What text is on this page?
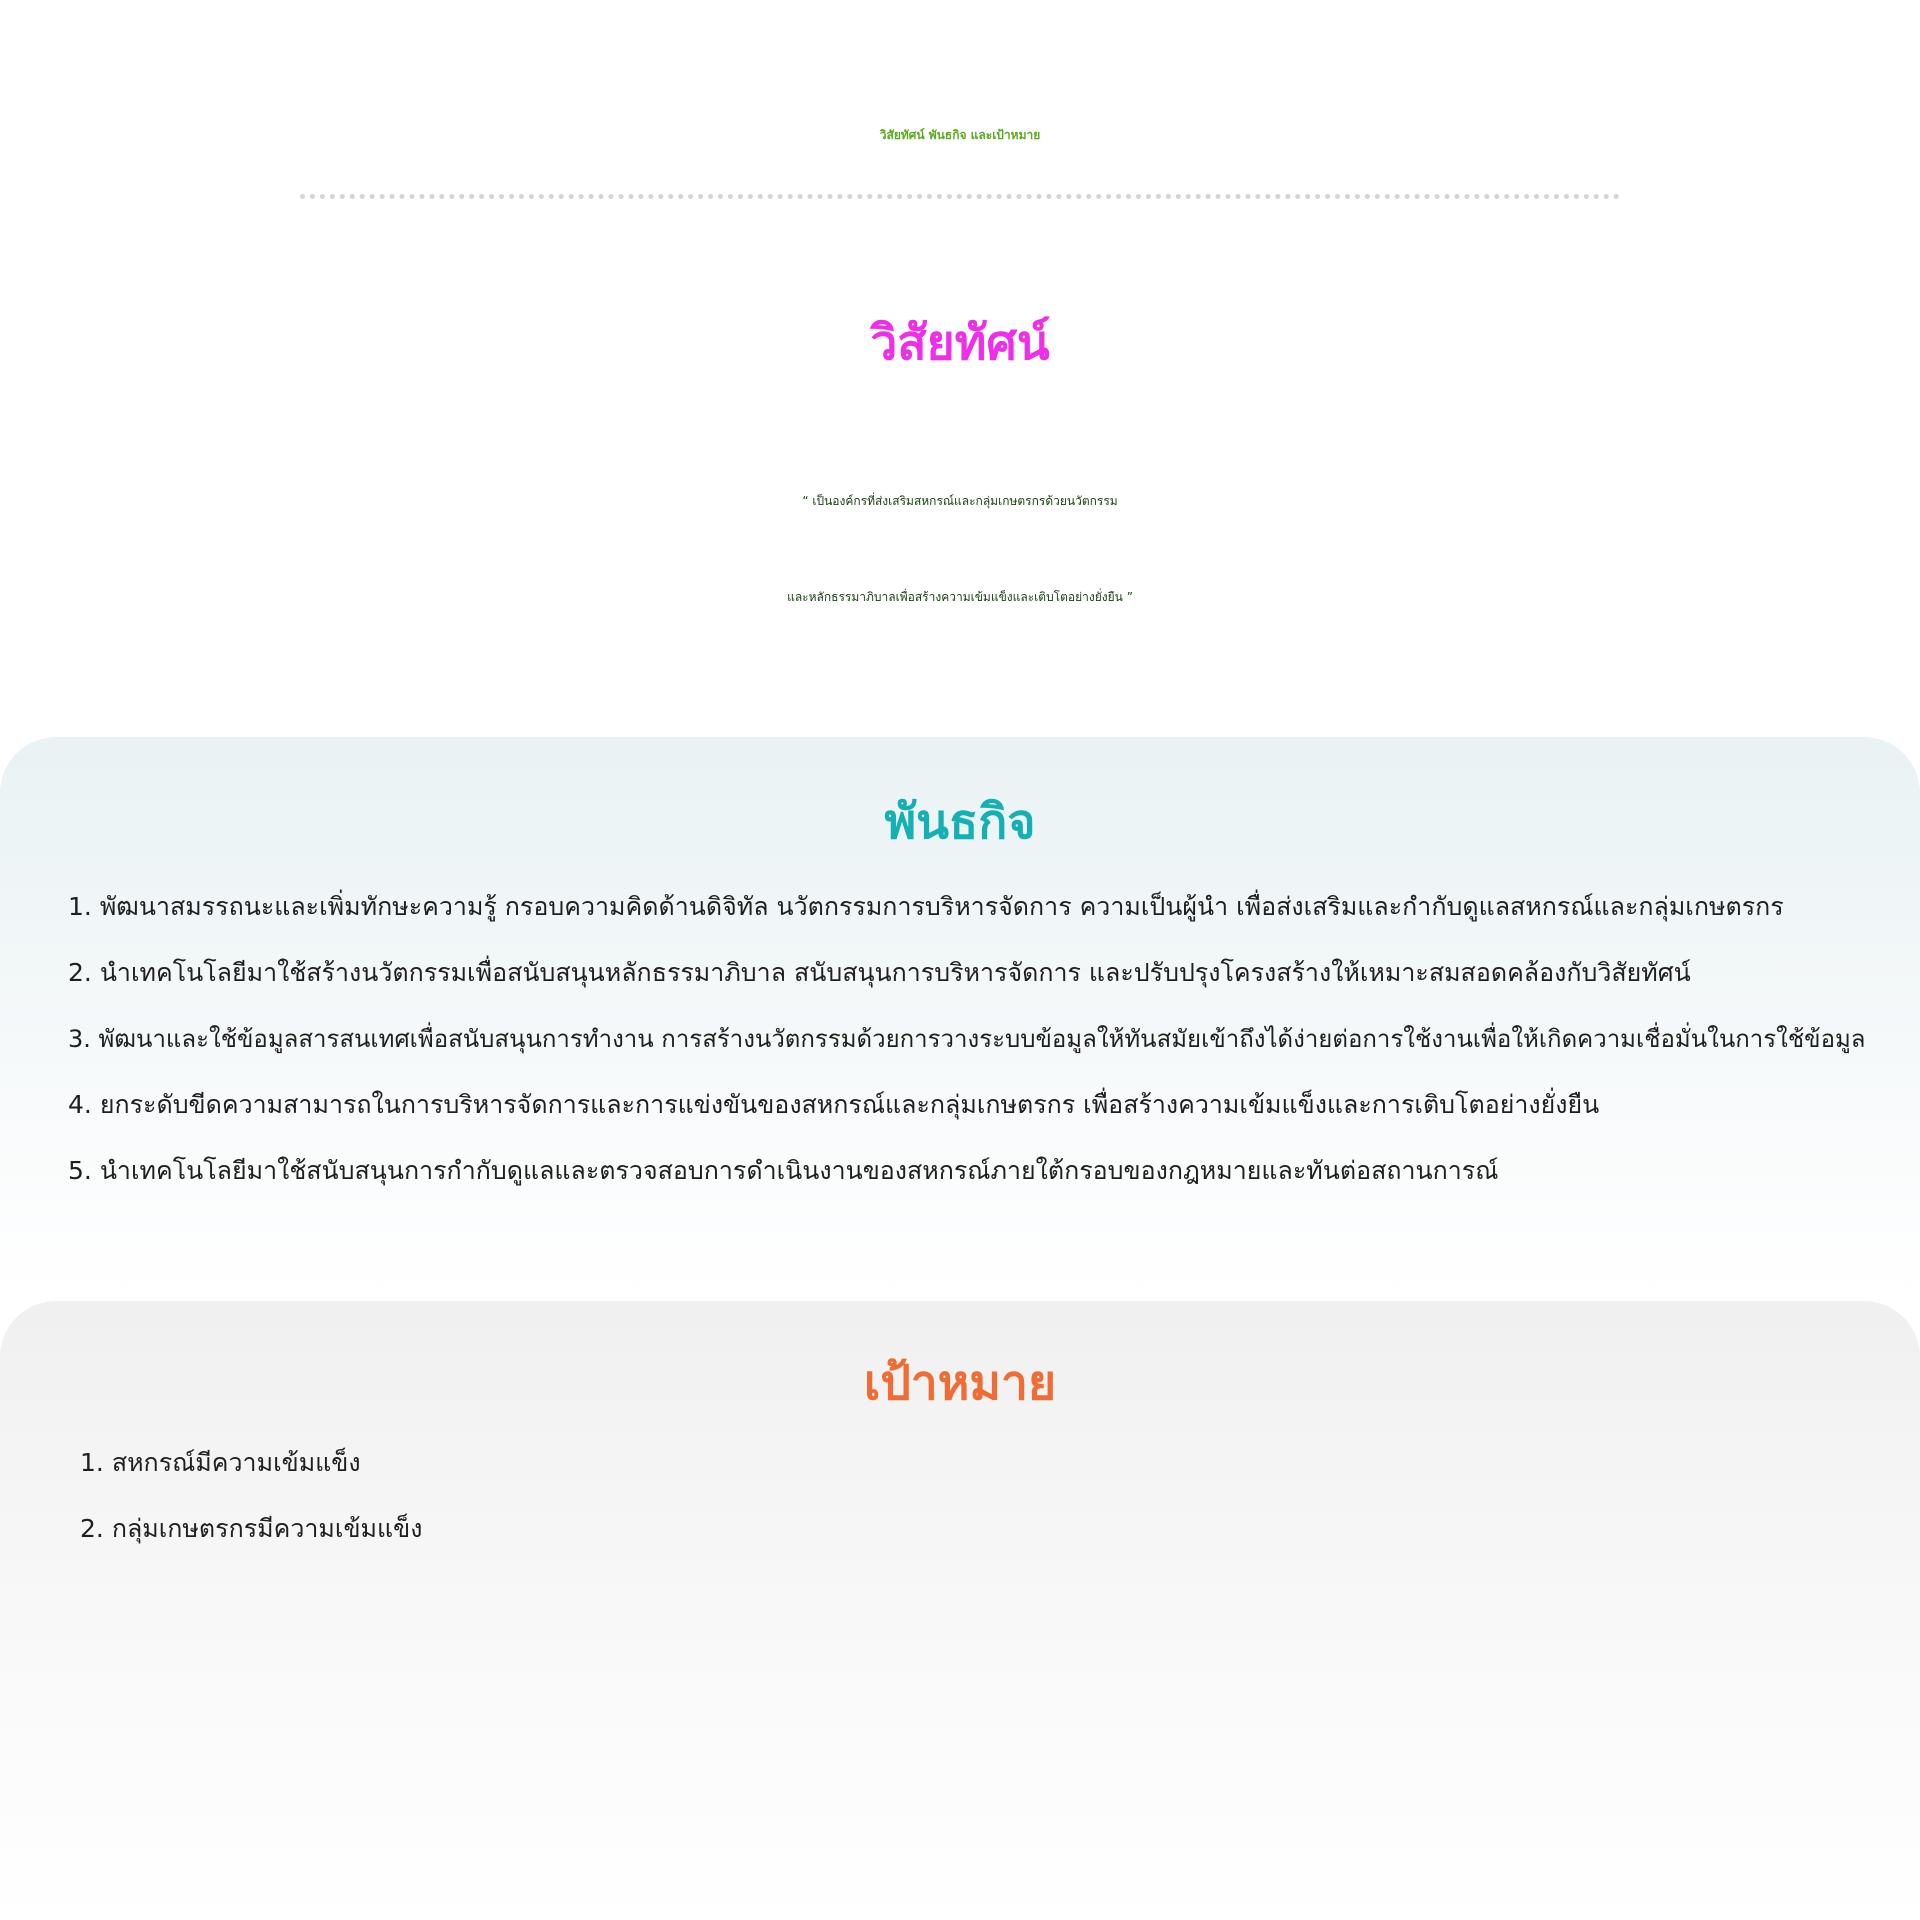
วิสัยทัศน์ พันธกิจ และเป้าหมาย
วิสัยทัศน์

“ เป็นองค์กรที่ส่งเสริมสหกรณ์และกลุ่มเกษตรกรด้วยนวัตกรรม

และหลักธรรมาภิบาลเพื่อสร้างความเข้มแข็งและเติบโตอย่างยั่งยืน ”

พันธกิจ
1. พัฒนาสมรรถนะและเพิ่มทักษะความรู้ กรอบความคิดด้านดิจิทัล นวัตกรรมการบริหารจัดการ ความเป็นผู้นำ เพื่อส่งเสริมและกำกับดูแลสหกรณ์และกลุ่มเกษตรกร
2. นำเทคโนโลยีมาใช้สร้างนวัตกรรมเพื่อสนับสนุนหลักธรรมาภิบาล สนับสนุนการบริหารจัดการ และปรับปรุงโครงสร้างให้เหมาะสมสอดคล้องกับวิสัยทัศน์
3. พัฒนาและใช้ข้อมูลสารสนเทศเพื่อสนับสนุนการทำงาน การสร้างนวัตกรรมด้วยการวางระบบข้อมูลให้ทันสมัยเข้าถึงได้ง่ายต่อการใช้งานเพื่อให้เกิดความเชื่อมั่นในการใช้ข้อมูล
4. ยกระดับขีดความสามารถในการบริหารจัดการและการแข่งขันของสหกรณ์และกลุ่มเกษตรกร เพื่อสร้างความเข้มแข็งและการเติบโตอย่างยั่งยืน
5. นำเทคโนโลยีมาใช้สนับสนุนการกำกับดูแลและตรวจสอบการดำเนินงานของสหกรณ์ภายใต้กรอบของกฎหมายและทันต่อสถานการณ์
เป้าหมาย
1. สหกรณ์มีความเข้มแข็ง
2. กลุ่มเกษตรกรมีความเข้มแข็ง
